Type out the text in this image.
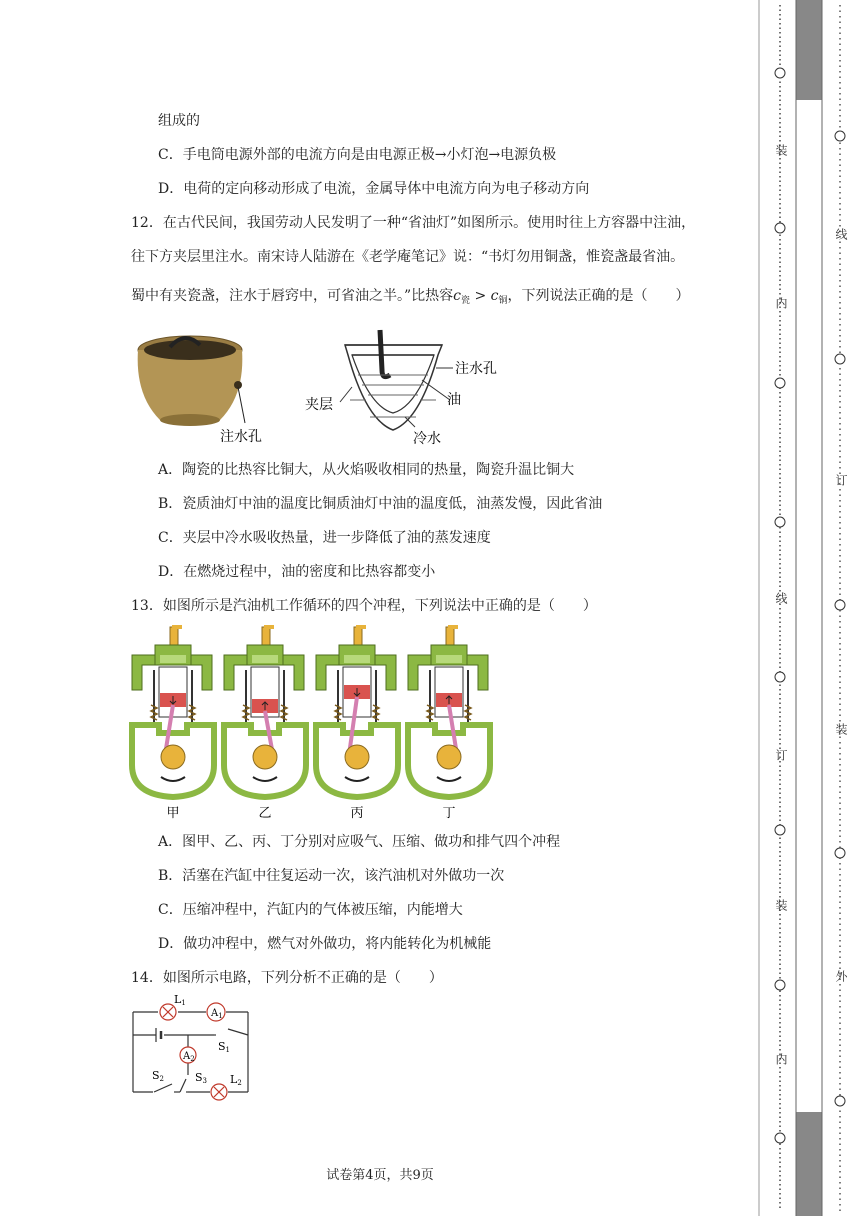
组成的
C．手电筒电源外部的电流方向是由电源正极→小灯泡→电源负极
D．电荷的定向移动形成了电流，金属导体中电流方向为电子移动方向
12．在古代民间，我国劳动人民发明了一种“省油灯”如图所示。使用时往上方容器中注油，
往下方夹层里注水。南宋诗人陆游在《老学庵笔记》说：“书灯勿用铜盏，惟瓷盏最省油。
蜀中有夹瓷盏，注水于唇窍中，可省油之半。”比热容$c_瓷 > c_铜$，下列说法正确的是（　　）
注水孔
注水孔
夹层	油
冷水
A．陶瓷的比热容比铜大，从火焰吸收相同的热量，陶瓷升温比铜大
B．瓷质油灯中油的温度比铜质油灯中油的温度低，油蒸发慢，因此省油
C．夹层中冷水吸收热量，进一步降低了油的蒸发速度
D．在燃烧过程中，油的密度和比热容都变小
13．如图所示是汽油机工作循环的四个冲程，下列说法中正确的是（　　）
甲	乙	丙	丁
A．图甲、乙、丙、丁分别对应吸气、压缩、做功和排气四个冲程
B．活塞在汽缸中往复运动一次，该汽油机对外做功一次
C．压缩冲程中，汽缸内的气体被压缩，内能增大
D．做功冲程中，燃气对外做功，将内能转化为机械能
14．如图所示电路，下列分析不正确的是（　　）
L1
$A_1$
$A_2$
S1
S2	S3 L2
试卷第4页，共9页
装
内
线
订
装
内
线
订
装
外
